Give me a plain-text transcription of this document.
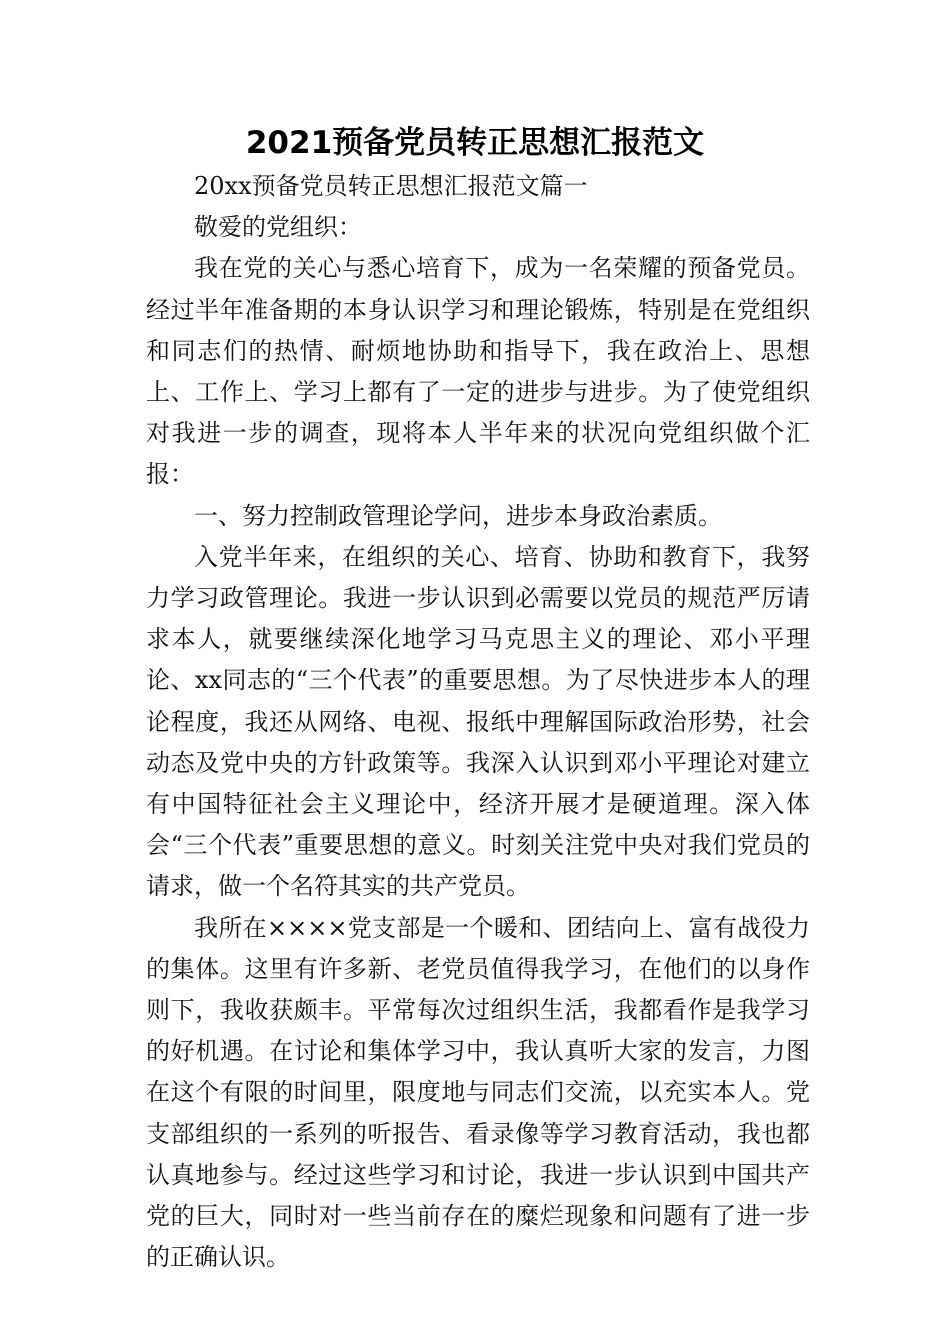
2021预备党员转正思想汇报范文

20xx预备党员转正思想汇报范文篇一

敬爱的党组织：

我在党的关心与悉心培育下，成为一名荣耀的预备党员。经过半年准备期的本身认识学习和理论锻炼，特别是在党组织和同志们的热情、耐烦地协助和指导下，我在政治上、思想上、工作上、学习上都有了一定的进步与进步。为了使党组织对我进一步的调查，现将本人半年来的状况向党组织做个汇报：

一、努力控制政管理论学问，进步本身政治素质。

入党半年来，在组织的关心、培育、协助和教育下，我努力学习政管理论。我进一步认识到必需要以党员的规范严厉请求本人，就要继续深化地学习马克思主义的理论、邓小平理论、xx同志的“三个代表”的重要思想。为了尽快进步本人的理论程度，我还从网络、电视、报纸中理解国际政治形势，社会动态及党中央的方针政策等。我深入认识到邓小平理论对建立有中国特征社会主义理论中，经济开展才是硬道理。深入体会“三个代表”重要思想的意义。时刻关注党中央对我们党员的请求，做一个名符其实的共产党员。

我所在××××党支部是一个暖和、团结向上、富有战役力的集体。这里有许多新、老党员值得我学习，在他们的以身作则下，我收获颇丰。平常每次过组织生活，我都看作是我学习的好机遇。在讨论和集体学习中，我认真听大家的发言，力图在这个有限的时间里，限度地与同志们交流，以充实本人。党支部组织的一系列的听报告、看录像等学习教育活动，我也都认真地参与。经过这些学习和讨论，我进一步认识到中国共产党的巨大，同时对一些当前存在的糜烂现象和问题有了进一步的正确认识。
